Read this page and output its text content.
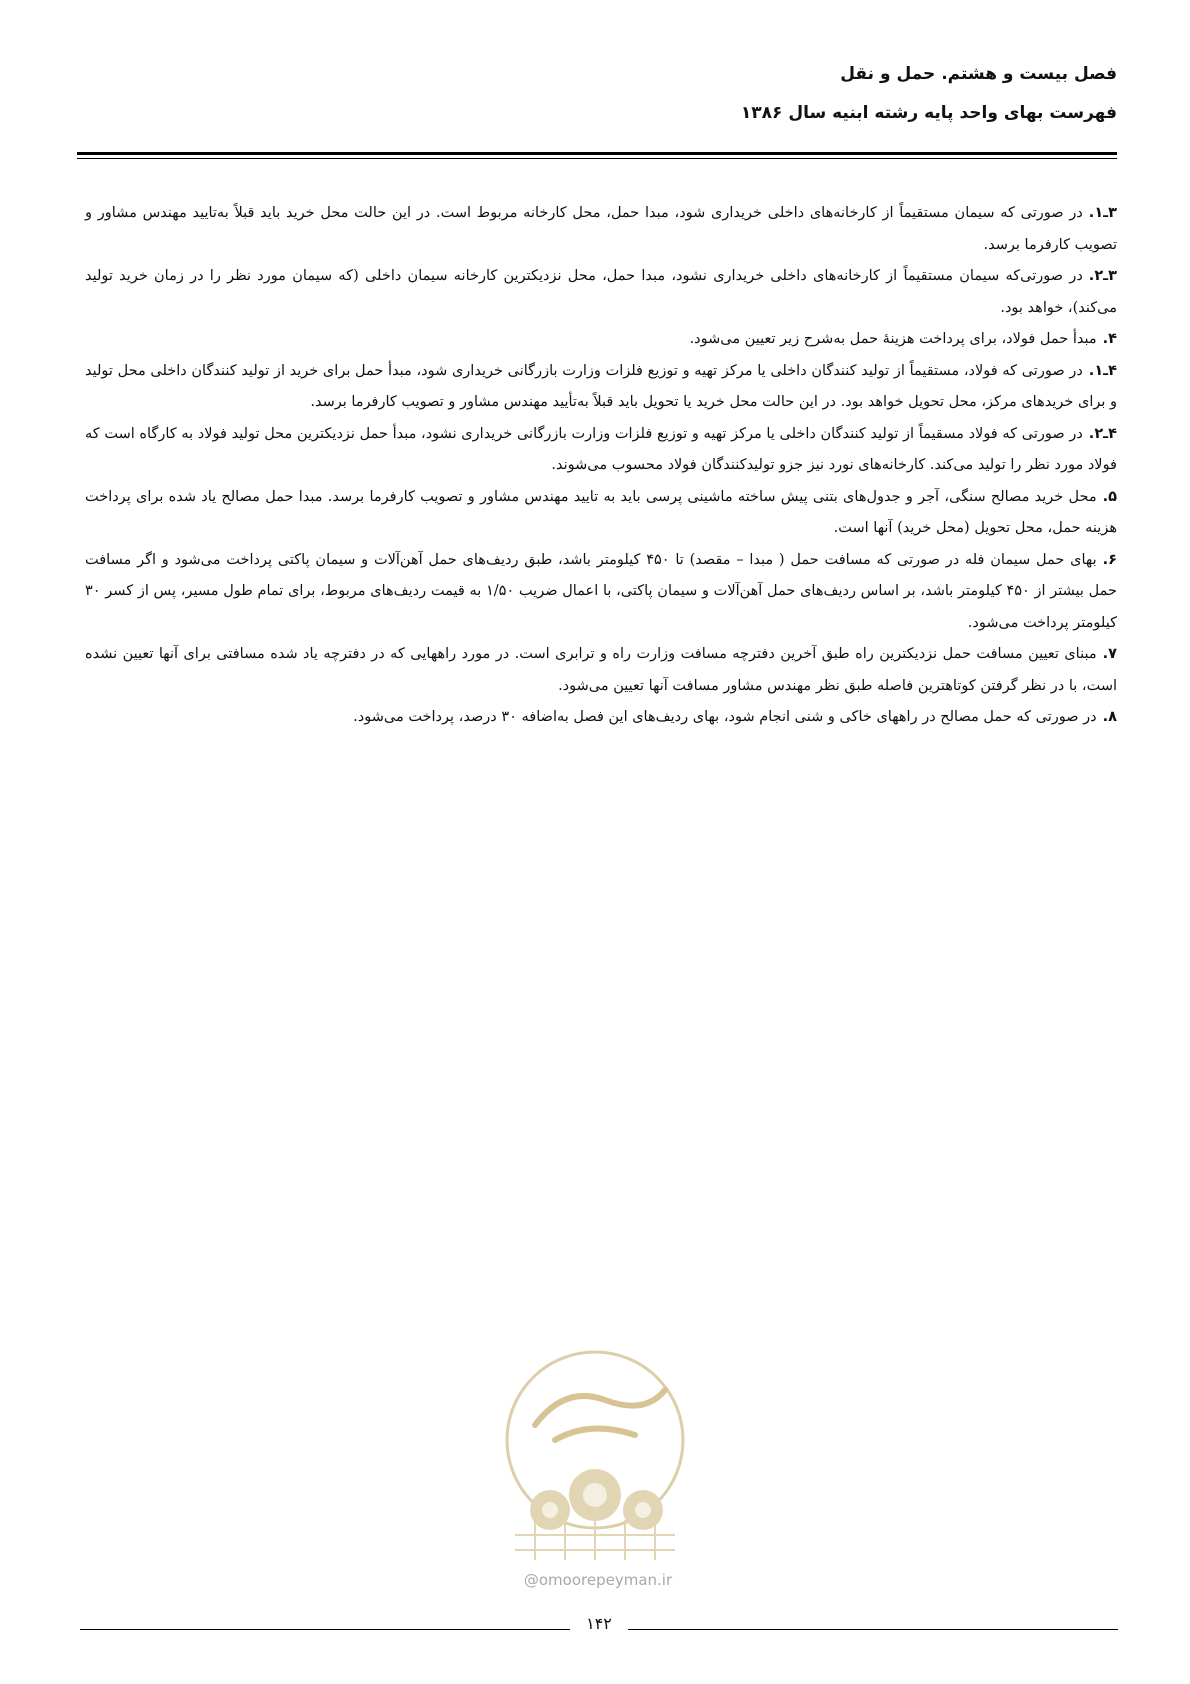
فصل بیست و هشتم. حمل و نقل
فهرست بهای واحد پایه رشته ابنیه سال ۱۳۸۶

۳ـ۱.در صورتی که سیمان مستقیماً از کارخانه‌های داخلی خریداری شود، مبدا حمل، محل کارخانه مربوط است. در این حالت محل خرید باید قبلاً به‌تایید مهندس مشاور و تصویب کارفرما برسد.

۳ـ۲.در صورتی‌که سیمان مستقیماً از کارخانه‌های داخلی خریداری نشود، مبدا حمل، محل نزدیکترین کارخانه سیمان داخلی (که سیمان مورد نظر را در زمان خرید تولید می‌کند)، خواهد بود.

۴.مبدأ حمل فولاد، برای پرداخت هزینهٔ حمل به‌شرح زیر تعیین می‌شود.

۴ـ۱.در صورتی که فولاد، مستقیماً از تولید کنندگان داخلی یا مرکز تهیه و توزیع فلزات وزارت بازرگانی خریداری شود، مبدأ حمل برای خرید از تولید کنندگان داخلی محل تولید و برای خریدهای مرکز، محل تحویل خواهد بود. در این حالت محل خرید یا تحویل باید قبلاً به‌تأیید مهندس مشاور و تصویب کارفرما برسد.

۴ـ۲.در صورتی که فولاد مسقیماً از تولید کنندگان داخلی یا مرکز تهیه و توزیع فلزات وزارت بازرگانی خریداری نشود، مبدأ حمل نزدیکترین محل تولید فولاد به کارگاه است که فولاد مورد نظر را تولید می‌کند. کارخانه‌های نورد نیز جزو تولیدکنندگان فولاد محسوب می‌شوند.

۵.محل خرید مصالح سنگی، آجر و جدول‌های بتنی پیش ساخته ماشینی پرسی باید به تایید مهندس مشاور و تصویب کارفرما برسد. مبدا حمل مصالح یاد شده برای پرداخت هزینه حمل، محل تحویل (محل خرید) آنها است.

۶.بهای حمل سیمان فله در صورتی که مسافت حمل ( مبدا – مقصد) تا ۴۵۰ کیلومتر باشد، طبق ردیف‌های حمل آهن‌آلات و سیمان پاکتی پرداخت می‌شود و اگر مسافت حمل بیشتر از ۴۵۰ کیلومتر باشد، بر اساس ردیف‌های حمل آهن‌آلات و سیمان پاکتی، با اعمال ضریب ۱/۵۰ به قیمت ردیف‌های مربوط، برای تمام طول مسیر، پس از کسر ۳۰ کیلومتر پرداخت می‌شود.

۷.مبنای تعیین مسافت حمل نزدیکترین راه طبق آخرین دفترچه مسافت وزارت راه و ترابری است. در مورد راههایی که در دفترچه یاد شده مسافتی برای آنها تعیین نشده است، با در نظر گرفتن کوتاهترین فاصله طبق نظر مهندس مشاور مسافت آنها تعیین می‌شود.

۸.در صورتی که حمل مصالح در راههای خاکی و شنی انجام شود، بهای ردیف‌های این فصل به‌اضافه ۳۰ درصد، پرداخت می‌شود.

@omoorepeyman.ir
۱۴۲
